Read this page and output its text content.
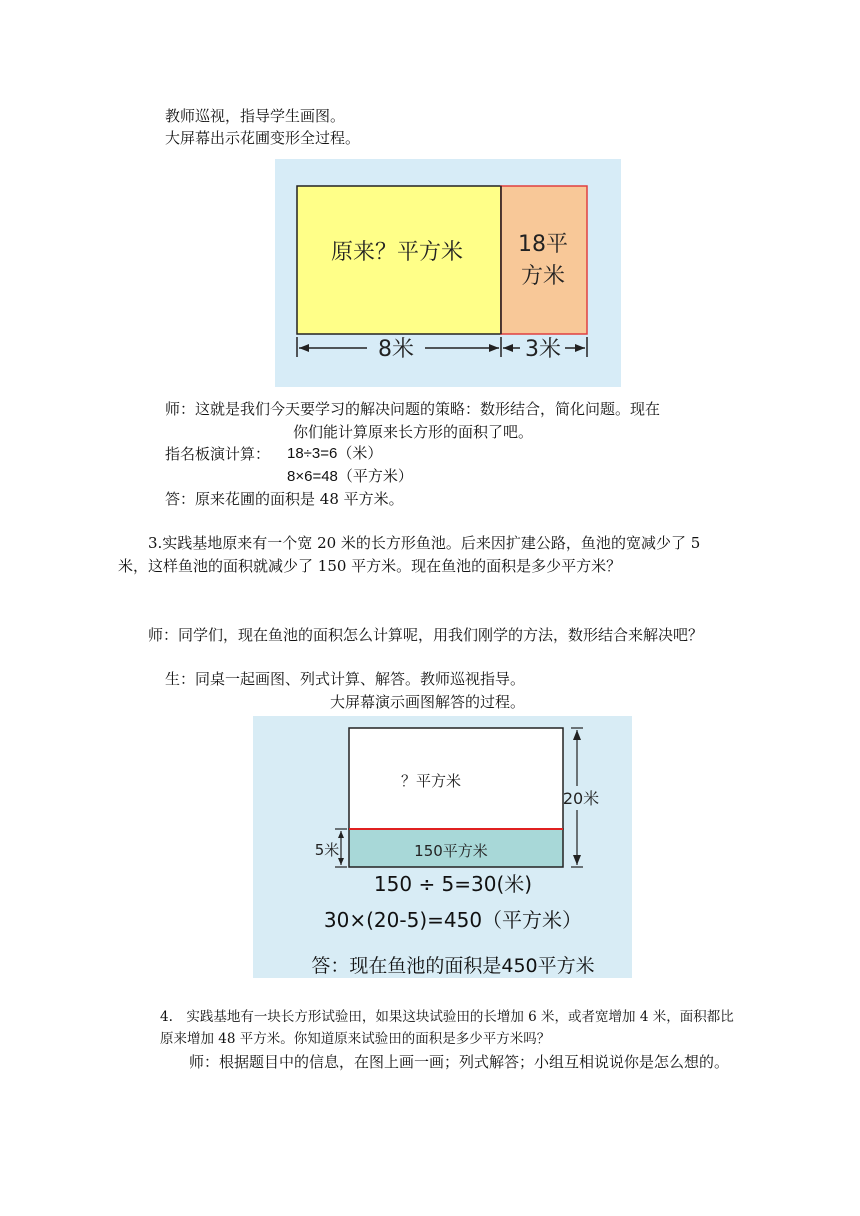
教师巡视，指导学生画图。
大屏幕出示花圃变形全过程。
原来？平方米 18平
方米
8米	3米
师：这就是我们今天要学习的解决问题的策略：数形结合，简化问题。现在
你们能计算原来长方形的面积了吧。
指名板演计算： 18÷3=6（米）
8×6=48（平方米）
答：原来花圃的面积是 48 平方米。
3.实践基地原来有一个宽 20 米的长方形鱼池。后来因扩建公路，鱼池的宽减少了 5 米，这样鱼池的面积就减少了 150 平方米。现在鱼池的面积是多少平方米？
师：同学们，现在鱼池的面积怎么计算呢，用我们刚学的方法，数形结合来解决吧？
生：同桌一起画图、列式计算、解答。教师巡视指导。
大屏幕演示画图解答的过程。
？平方米
150平方米
20米
5米
150 ÷ 5=30(米)
30×(20-5)=450（平方米）
答：现在鱼池的面积是450平方米
4.　实践基地有一块长方形试验田，如果这块试验田的长增加 6 米，或者宽增加 4 米，面积都比原来增加 48 平方米。你知道原来试验田的面积是多少平方米吗？
师：根据题目中的信息，在图上画一画；列式解答；小组互相说说你是怎么想的。
